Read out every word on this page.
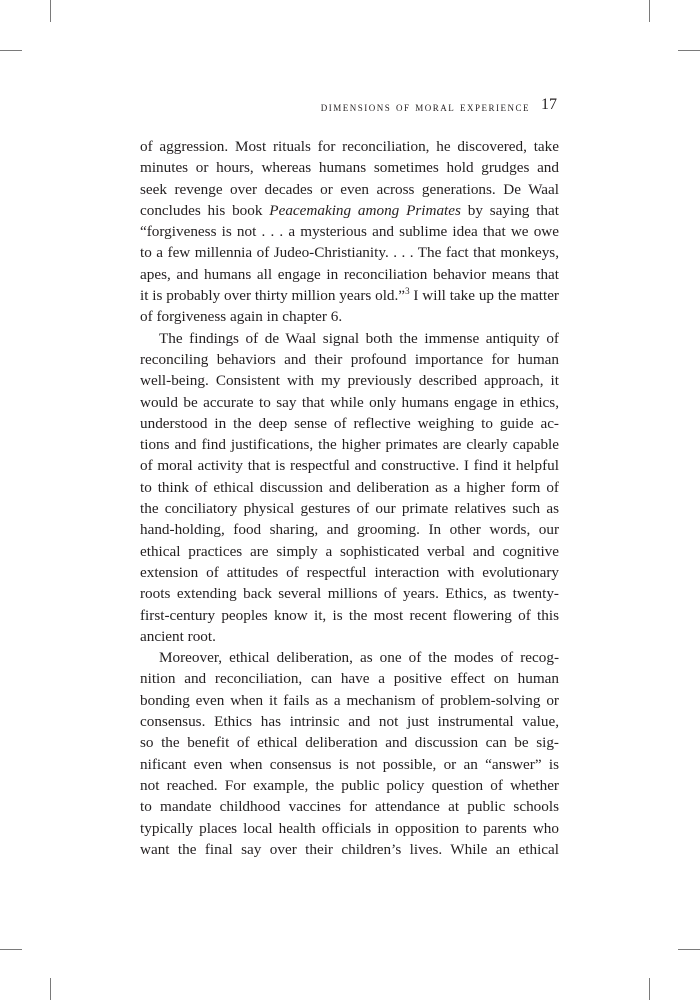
dimensions of moral experience 17
of aggression. Most rituals for reconciliation, he discovered, take
minutes or hours, whereas humans sometimes hold grudges and
seek revenge over decades or even across generations. De Waal
concludes his book Peacemaking among Primates by saying that
“forgiveness is not . . . a mysterious and sublime idea that we owe
to a few millennia of Judeo-Christianity. . . . The fact that monkeys,
apes, and humans all engage in reconciliation behavior means that
it is probably over thirty million years old.”$^3$ I will take up the matter
of forgiveness again in chapter 6.
The findings of de Waal signal both the immense antiquity of
reconciling behaviors and their profound importance for human
well-being. Consistent with my previously described approach, it
would be accurate to say that while only humans engage in ethics,
understood in the deep sense of reflective weighing to guide ac-
tions and find justifications, the higher primates are clearly capable
of moral activity that is respectful and constructive. I find it helpful
to think of ethical discussion and deliberation as a higher form of
the conciliatory physical gestures of our primate relatives such as
hand-holding, food sharing, and grooming. In other words, our
ethical practices are simply a sophisticated verbal and cognitive
extension of attitudes of respectful interaction with evolutionary
roots extending back several millions of years. Ethics, as twenty-
first-century peoples know it, is the most recent flowering of this
ancient root.
Moreover, ethical deliberation, as one of the modes of recog-
nition and reconciliation, can have a positive effect on human
bonding even when it fails as a mechanism of problem-solving or
consensus. Ethics has intrinsic and not just instrumental value,
so the benefit of ethical deliberation and discussion can be sig-
nificant even when consensus is not possible, or an “answer” is
not reached. For example, the public policy question of whether
to mandate childhood vaccines for attendance at public schools
typically places local health officials in opposition to parents who
want the final say over their children’s lives. While an ethical
